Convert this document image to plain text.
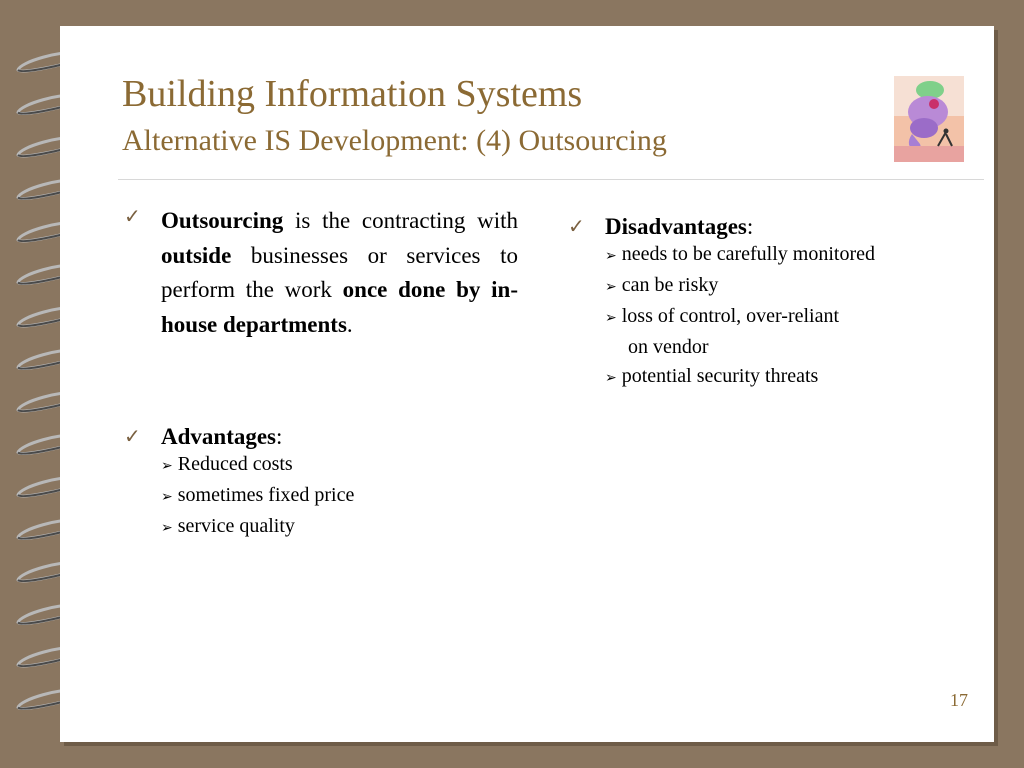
Building Information Systems
Alternative IS Development: (4) Outsourcing
✓ Outsourcing is the contracting with outside businesses or services to perform the work once done by in-house departments.
✓ Advantages:
➢ Reduced costs
➢ sometimes fixed price
➢ service quality
✓ Disadvantages:
➢ needs to be carefully monitored
➢ can be risky
➢ loss of control, over-reliant
on vendor
➢ potential security threats
17
